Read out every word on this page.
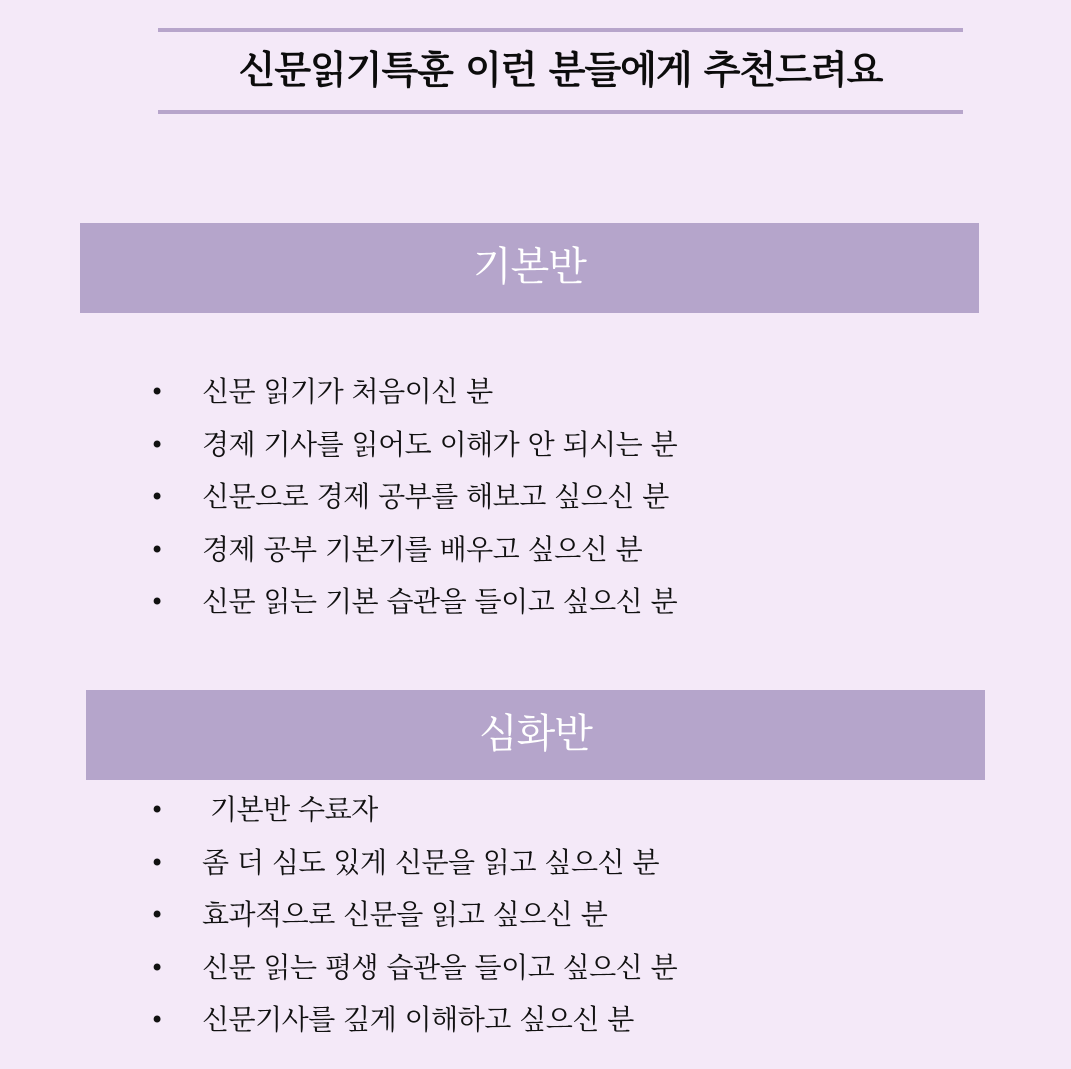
신문읽기특훈 이런 분들에게 추천드려요
기본반
• 신문 읽기가 처음이신 분
• 경제 기사를 읽어도 이해가 안 되시는 분
• 신문으로 경제 공부를 해보고 싶으신 분
• 경제 공부 기본기를 배우고 싶으신 분
• 신문 읽는 기본 습관을 들이고 싶으신 분
심화반
• 기본반 수료자
• 좀 더 심도 있게 신문을 읽고 싶으신 분
• 효과적으로 신문을 읽고 싶으신 분
• 신문 읽는 평생 습관을 들이고 싶으신 분
• 신문기사를 깊게 이해하고 싶으신 분
